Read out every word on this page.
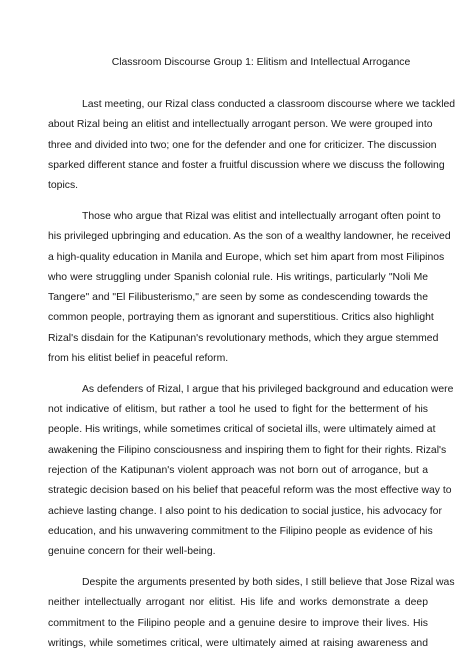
Classroom Discourse Group 1: Elitism and Intellectual Arrogance
Last meeting, our Rizal class conducted a classroom discourse where we tackled
about Rizal being an elitist and intellectually arrogant person. We were grouped into
three and divided into two; one for the defender and one for criticizer. The discussion
sparked different stance and foster a fruitful discussion where we discuss the following
topics.
Those who argue that Rizal was elitist and intellectually arrogant often point to
his privileged upbringing and education. As the son of a wealthy landowner, he received
a high-quality education in Manila and Europe, which set him apart from most Filipinos
who were struggling under Spanish colonial rule. His writings, particularly "Noli Me
Tangere" and "El Filibusterismo," are seen by some as condescending towards the
common people, portraying them as ignorant and superstitious. Critics also highlight
Rizal's disdain for the Katipunan's revolutionary methods, which they argue stemmed
from his elitist belief in peaceful reform.
As defenders of Rizal, I argue that his privileged background and education were
not indicative of elitism, but rather a tool he used to fight for the betterment of his
people. His writings, while sometimes critical of societal ills, were ultimately aimed at
awakening the Filipino consciousness and inspiring them to fight for their rights. Rizal's
rejection of the Katipunan's violent approach was not born out of arrogance, but a
strategic decision based on his belief that peaceful reform was the most effective way to
achieve lasting change. I also point to his dedication to social justice, his advocacy for
education, and his unwavering commitment to the Filipino people as evidence of his
genuine concern for their well-being.
Despite the arguments presented by both sides, I still believe that Jose Rizal was
neither intellectually arrogant nor elitist. His life and works demonstrate a deep
commitment to the Filipino people and a genuine desire to improve their lives. His
writings, while sometimes critical, were ultimately aimed at raising awareness and
